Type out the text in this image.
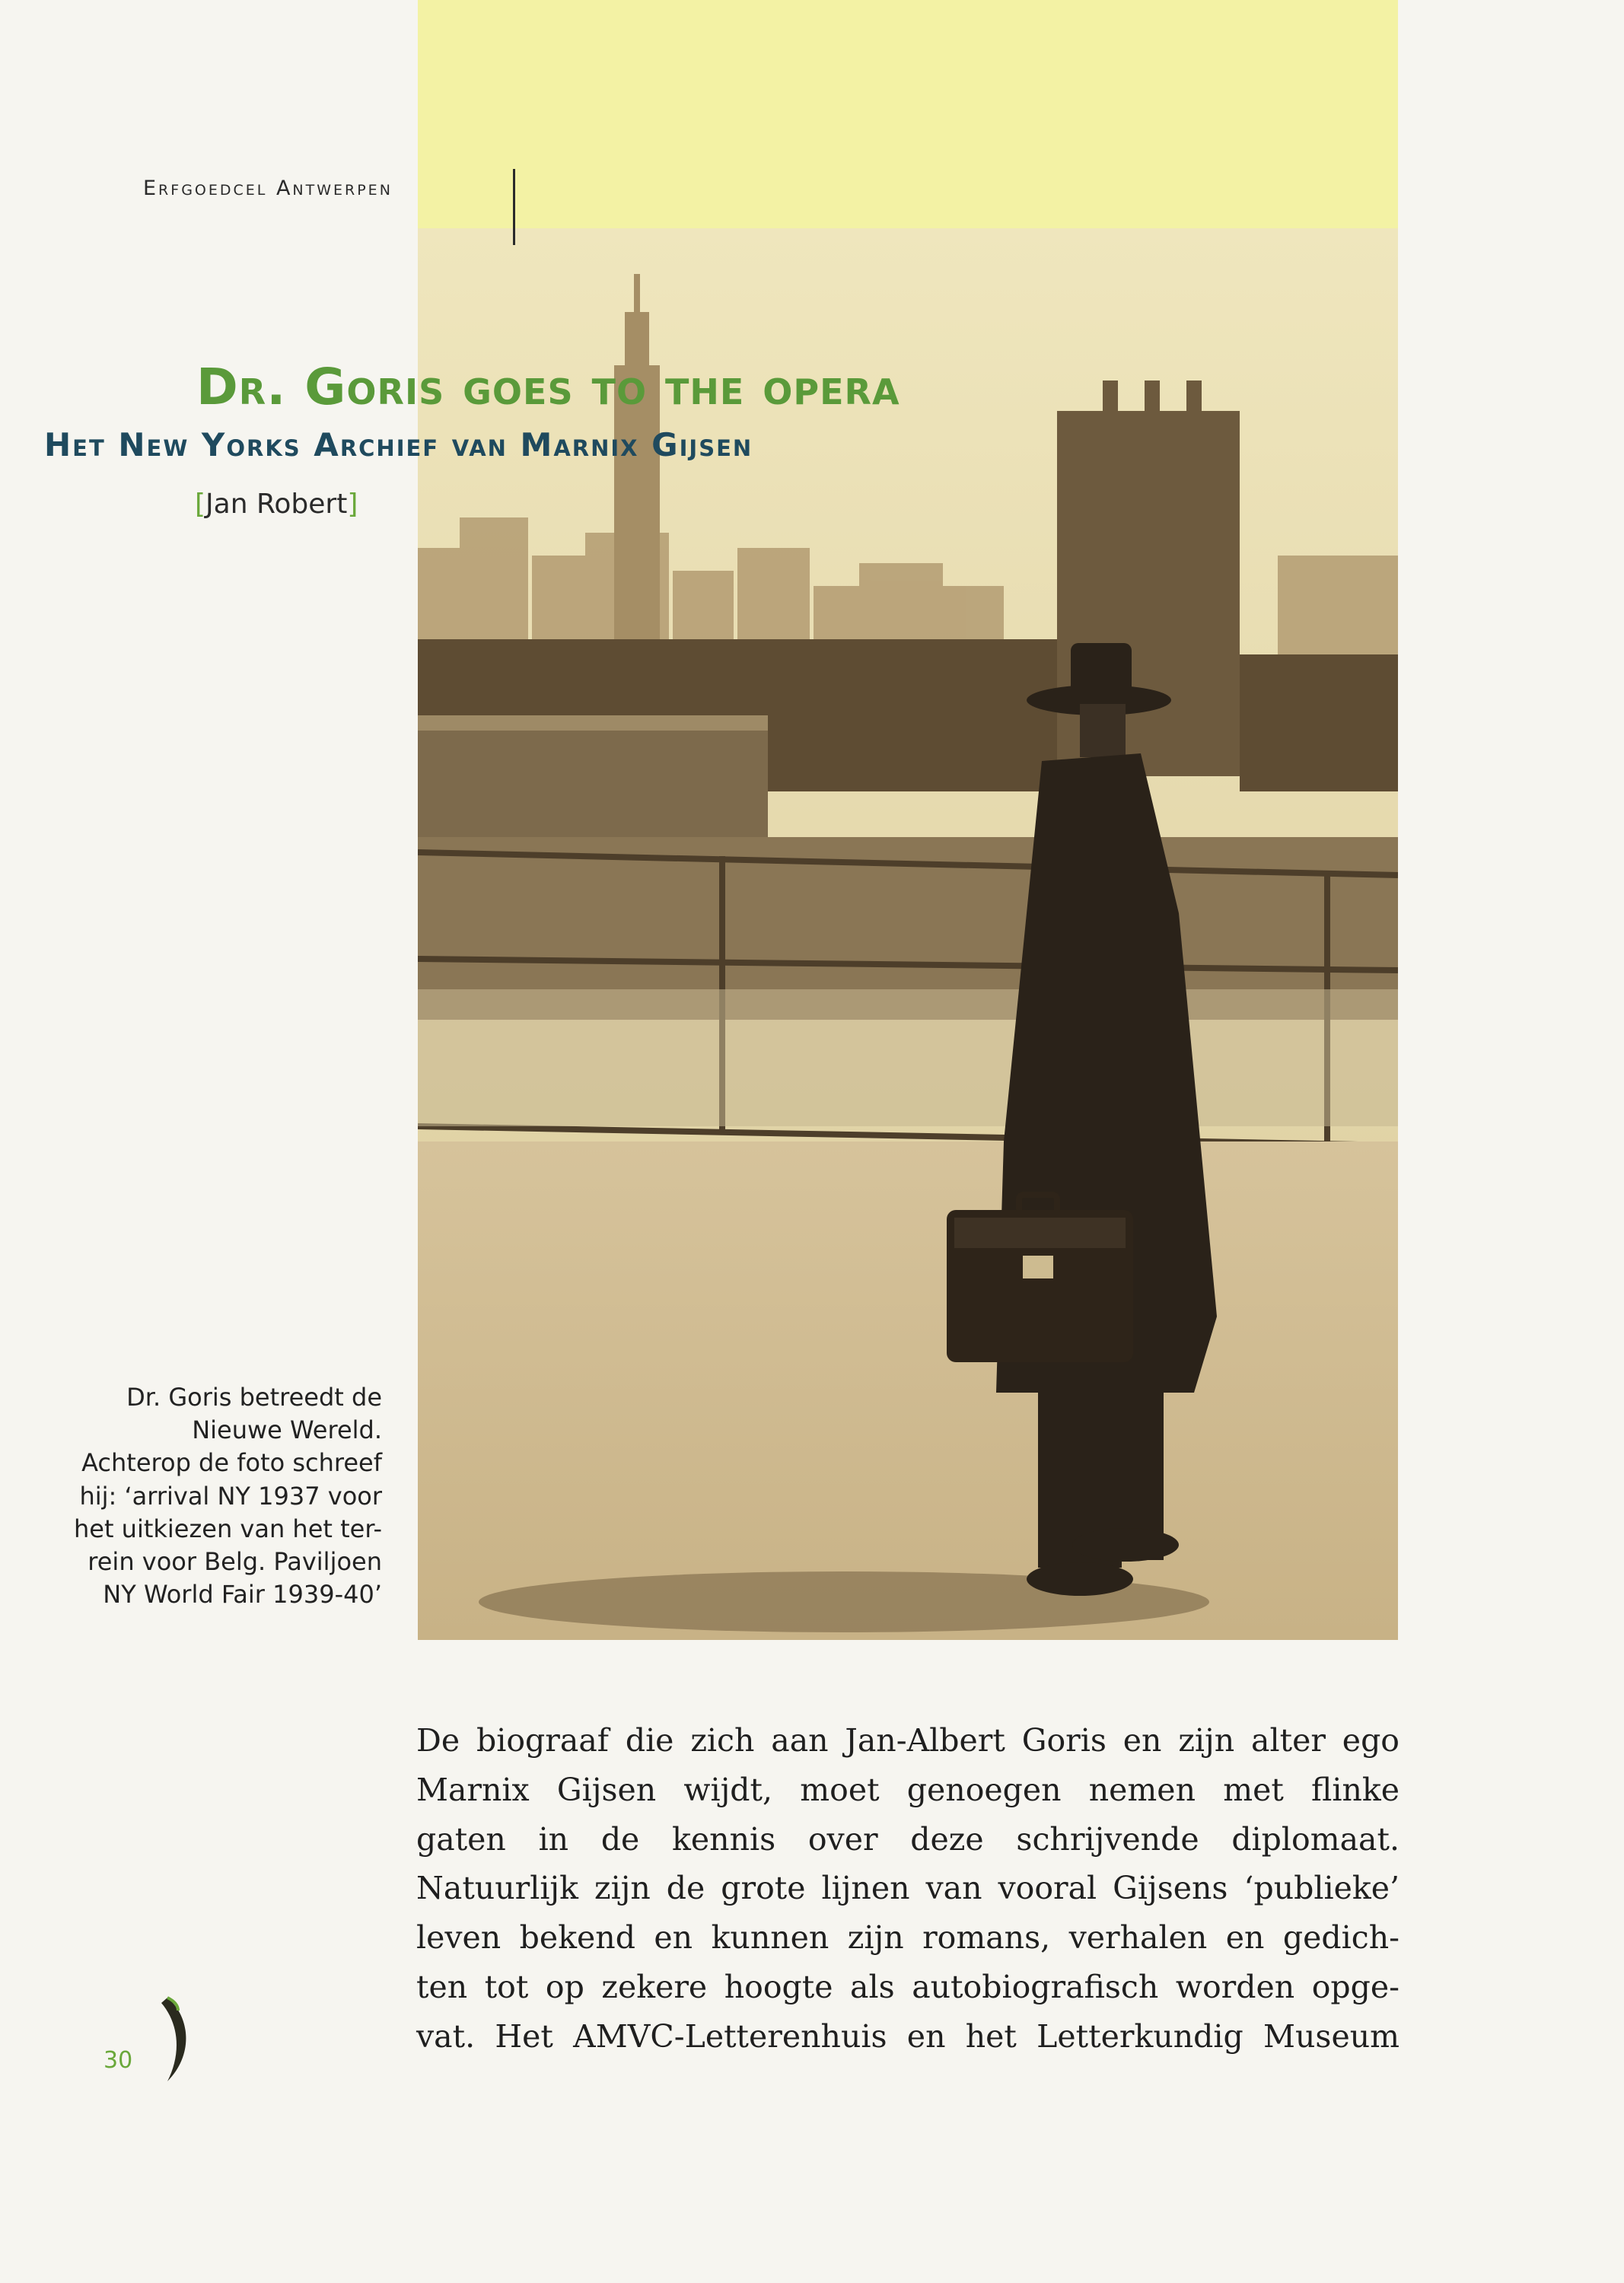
Erfgoedcel Antwerpen
Dr. Goris goes to the opera
Het New Yorks Archief van Marnix Gijsen
[Jan Robert]
Dr. Goris betreedt de
Nieuwe Wereld.
Achterop de foto schreef
hij: ‘arrival NY 1937 voor
het uitkiezen van het ter-
rein voor Belg. Paviljoen
NY World Fair 1939-40’
De biograaf die zich aan Jan-Albert Goris en zijn alter ego
Marnix Gijsen wijdt, moet genoegen nemen met flinke
gaten in de kennis over deze schrijvende diplomaat.
Natuurlijk zijn de grote lijnen van vooral Gijsens ‘publieke’
leven bekend en kunnen zijn romans, verhalen en gedich-
ten tot op zekere hoogte als autobiografisch worden opge-
vat. Het AMVC-Letterenhuis en het Letterkundig Museum
30
